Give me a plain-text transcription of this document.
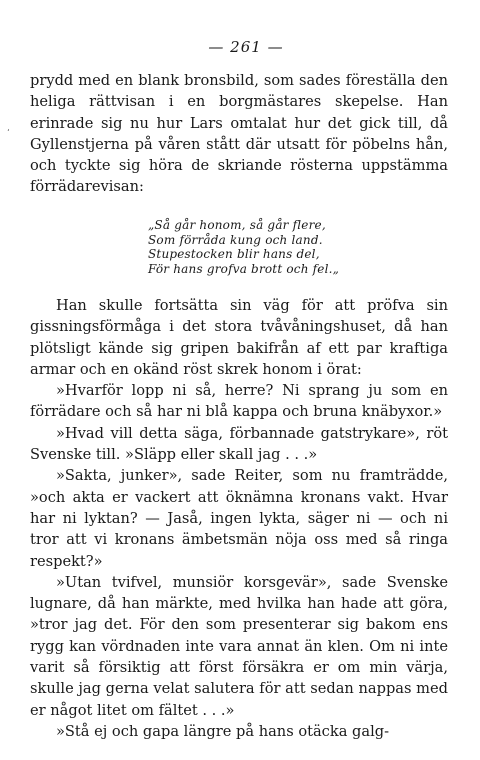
— 261 —

prydd med en blank bronsbild, som sades föreställa den heliga rättvisan i en borgmästares skepelse. Han erinrade sig nu hur Lars omtalat hur det gick till, då Gyllenstjerna på våren stått där utsatt för pöbelns hån, och tyckte sig höra de skriande rösterna uppstämma förrädarevisan:

„Så går honom, så går flere,
Som förråda kung och land.
Stupestocken blir hans del,
För hans grofva brott och fel.„

Han skulle fortsätta sin väg för att pröfva sin gissningsförmåga i det stora tvåvåningshuset, då han plötsligt kände sig gripen bakifrån af ett par kraftiga armar och en okänd röst skrek honom i örat:

»Hvarför lopp ni så, herre? Ni sprang ju som en förrädare och så har ni blå kappa och bruna knäbyxor.»

»Hvad vill detta säga, förbannade gatstrykare», röt Svenske till. »Släpp eller skall jag . . .»

»Sakta, junker», sade Reiter, som nu framträdde, »och akta er vackert att öknämna kronans vakt. Hvar har ni lyktan? — Jaså, ingen lykta, säger ni — och ni tror att vi kronans ämbetsmän nöja oss med så ringa respekt?»

»Utan tvifvel, munsiör korsgevär», sade Svenske lugnare, då han märkte, med hvilka han hade att göra, »tror jag det. För den som presenterar sig bakom ens rygg kan vördnaden inte vara annat än klen. Om ni inte varit så försiktig att först försäkra er om min värja, skulle jag gerna velat salutera för att sedan nappas med er något litet om fältet . . .»

»Stå ej och gapa längre på hans otäcka galg-

‘
